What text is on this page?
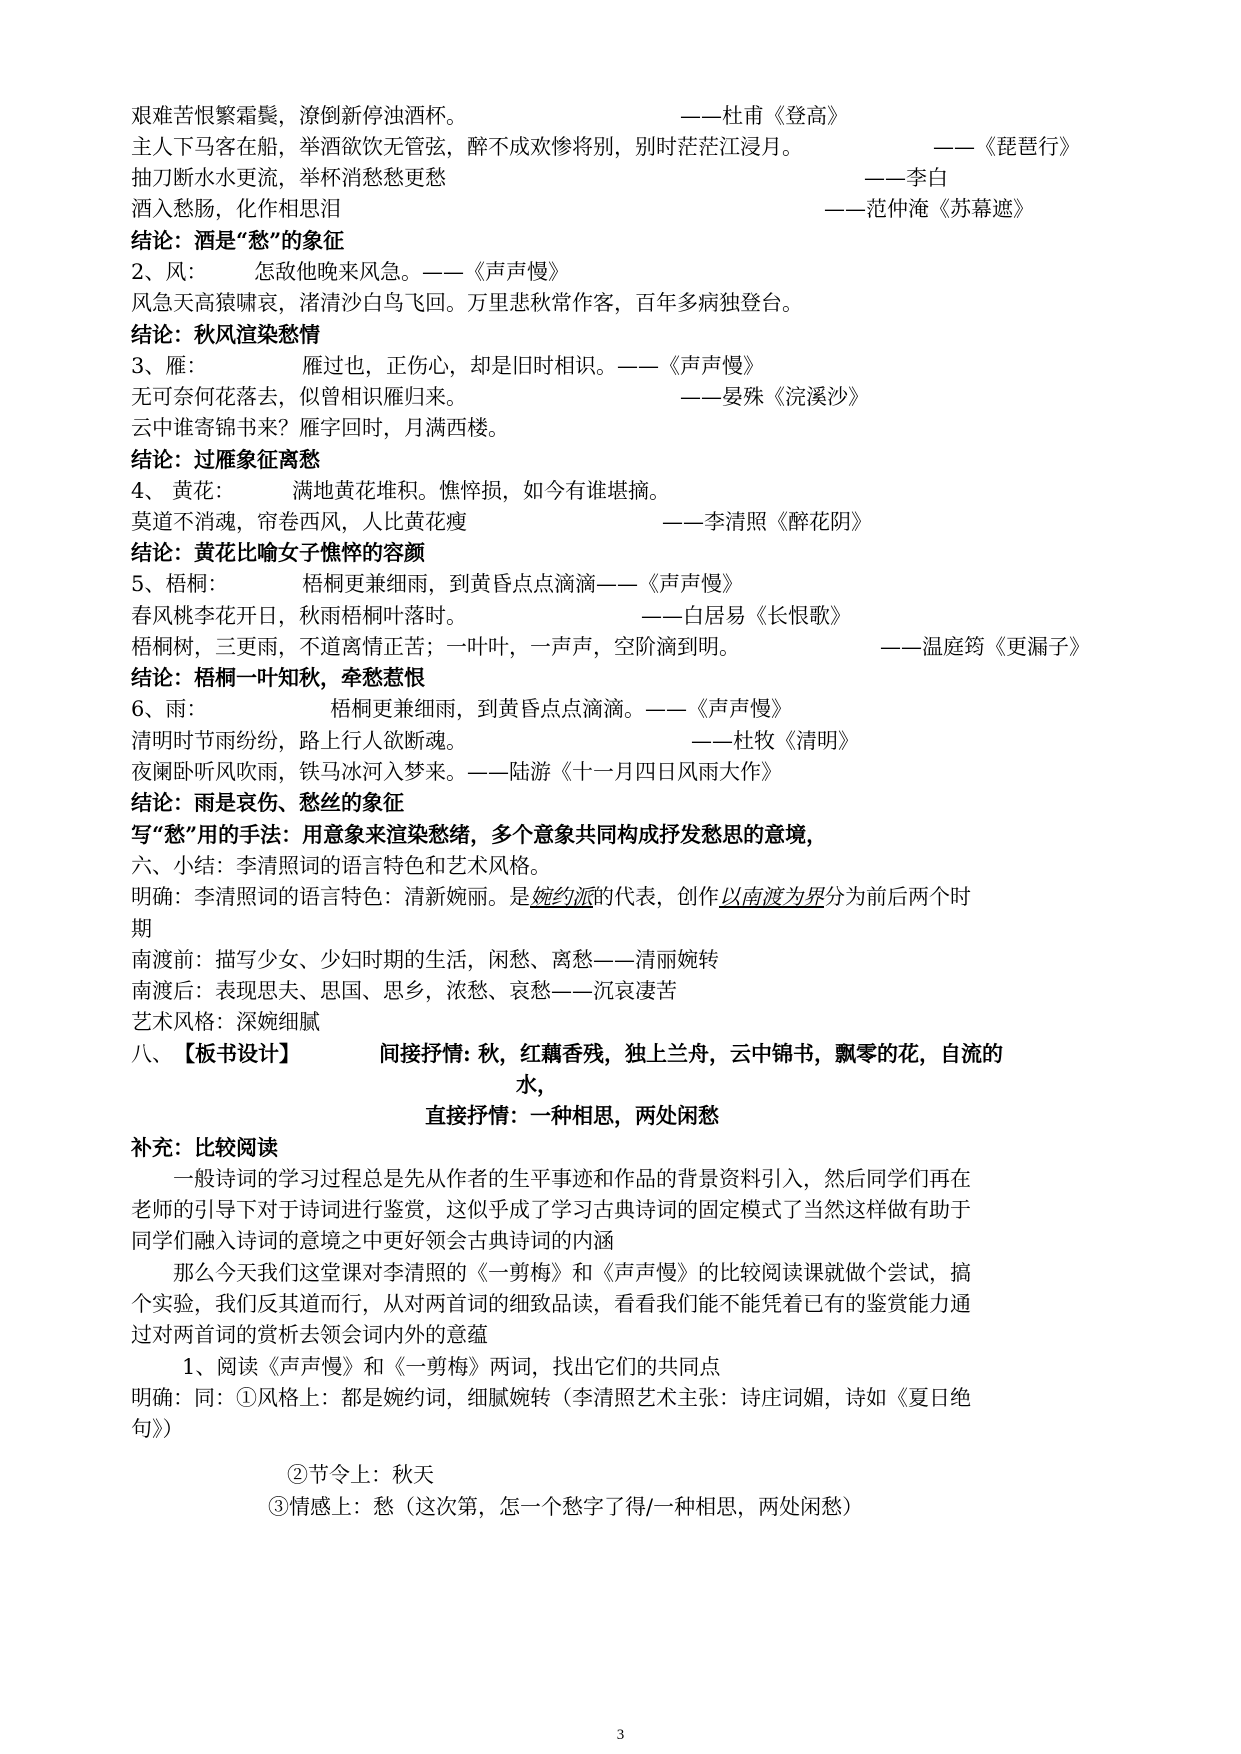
艰难苦恨繁霜鬓，潦倒新停浊酒杯。	——杜甫《登高》
主人下马客在船，举酒欲饮无管弦，醉不成欢惨将别，别时茫茫江浸月。	——《琵琶行》
抽刀断水水更流，举杯消愁愁更愁	——李白
酒入愁肠，化作相思泪	——范仲淹《苏幕遮》
结论：酒是“愁”的象征
2、风： 怎敌他晚来风急。——《声声慢》
风急天高猿啸哀，渚清沙白鸟飞回。万里悲秋常作客，百年多病独登台。
结论：秋风渲染愁情
3、雁：	雁过也，正伤心，却是旧时相识。——《声声慢》
无可奈何花落去，似曾相识雁归来。	——晏殊《浣溪沙》
云中谁寄锦书来？雁字回时，月满西楼。
结论：过雁象征离愁
4、 黄花：	满地黄花堆积。憔悴损，如今有谁堪摘。
莫道不消魂，帘卷西风，人比黄花瘦	——李清照《醉花阴》
结论：黄花比喻女子憔悴的容颜
5、梧桐：	梧桐更兼细雨，到黄昏点点滴滴——《声声慢》
春风桃李花开日，秋雨梧桐叶落时。	——白居易《长恨歌》
梧桐树，三更雨，不道离情正苦；一叶叶，一声声，空阶滴到明。	——温庭筠《更漏子》
结论：梧桐一叶知秋，牵愁惹恨
6、雨：	梧桐更兼细雨，到黄昏点点滴滴。——《声声慢》
清明时节雨纷纷，路上行人欲断魂。	——杜牧《清明》
夜阑卧听风吹雨，铁马冰河入梦来。——陆游《十一月四日风雨大作》
结论：雨是哀伤、愁丝的象征
写“愁”用的手法：用意象来渲染愁绪，多个意象共同构成抒发愁思的意境，
六、小结：李清照词的语言特色和艺术风格。
明确：李清照词的语言特色：清新婉丽。是婉约派的代表，创作以南渡为界分为前后两个时
期
南渡前：描写少女、少妇时期的生活，闲愁、离愁——清丽婉转
南渡后：表现思夫、思国、思乡，浓愁、哀愁——沉哀凄苦
艺术风格：深婉细腻
八、 【板书设计】	间接抒情: 秋，红藕香残，独上兰舟，云中锦书，飘零的花，自流的
水，
直接抒情：一种相思，两处闲愁
补充：比较阅读
一般诗词的学习过程总是先从作者的生平事迹和作品的背景资料引入，然后同学们再在
老师的引导下对于诗词进行鉴赏，这似乎成了学习古典诗词的固定模式了当然这样做有助于
同学们融入诗词的意境之中更好领会古典诗词的内涵
那么今天我们这堂课对李清照的《一剪梅》和《声声慢》的比较阅读课就做个尝试，搞
个实验，我们反其道而行，从对两首词的细致品读，看看我们能不能凭着已有的鉴赏能力通
过对两首词的赏析去领会词内外的意蕴
1、阅读《声声慢》和《一剪梅》两词，找出它们的共同点
明确：同：①风格上：都是婉约词，细腻婉转（李清照艺术主张：诗庄词媚，诗如《夏日绝
句》）
②节令上：秋天
③情感上：愁（这次第，怎一个愁字了得/一种相思，两处闲愁）
3
